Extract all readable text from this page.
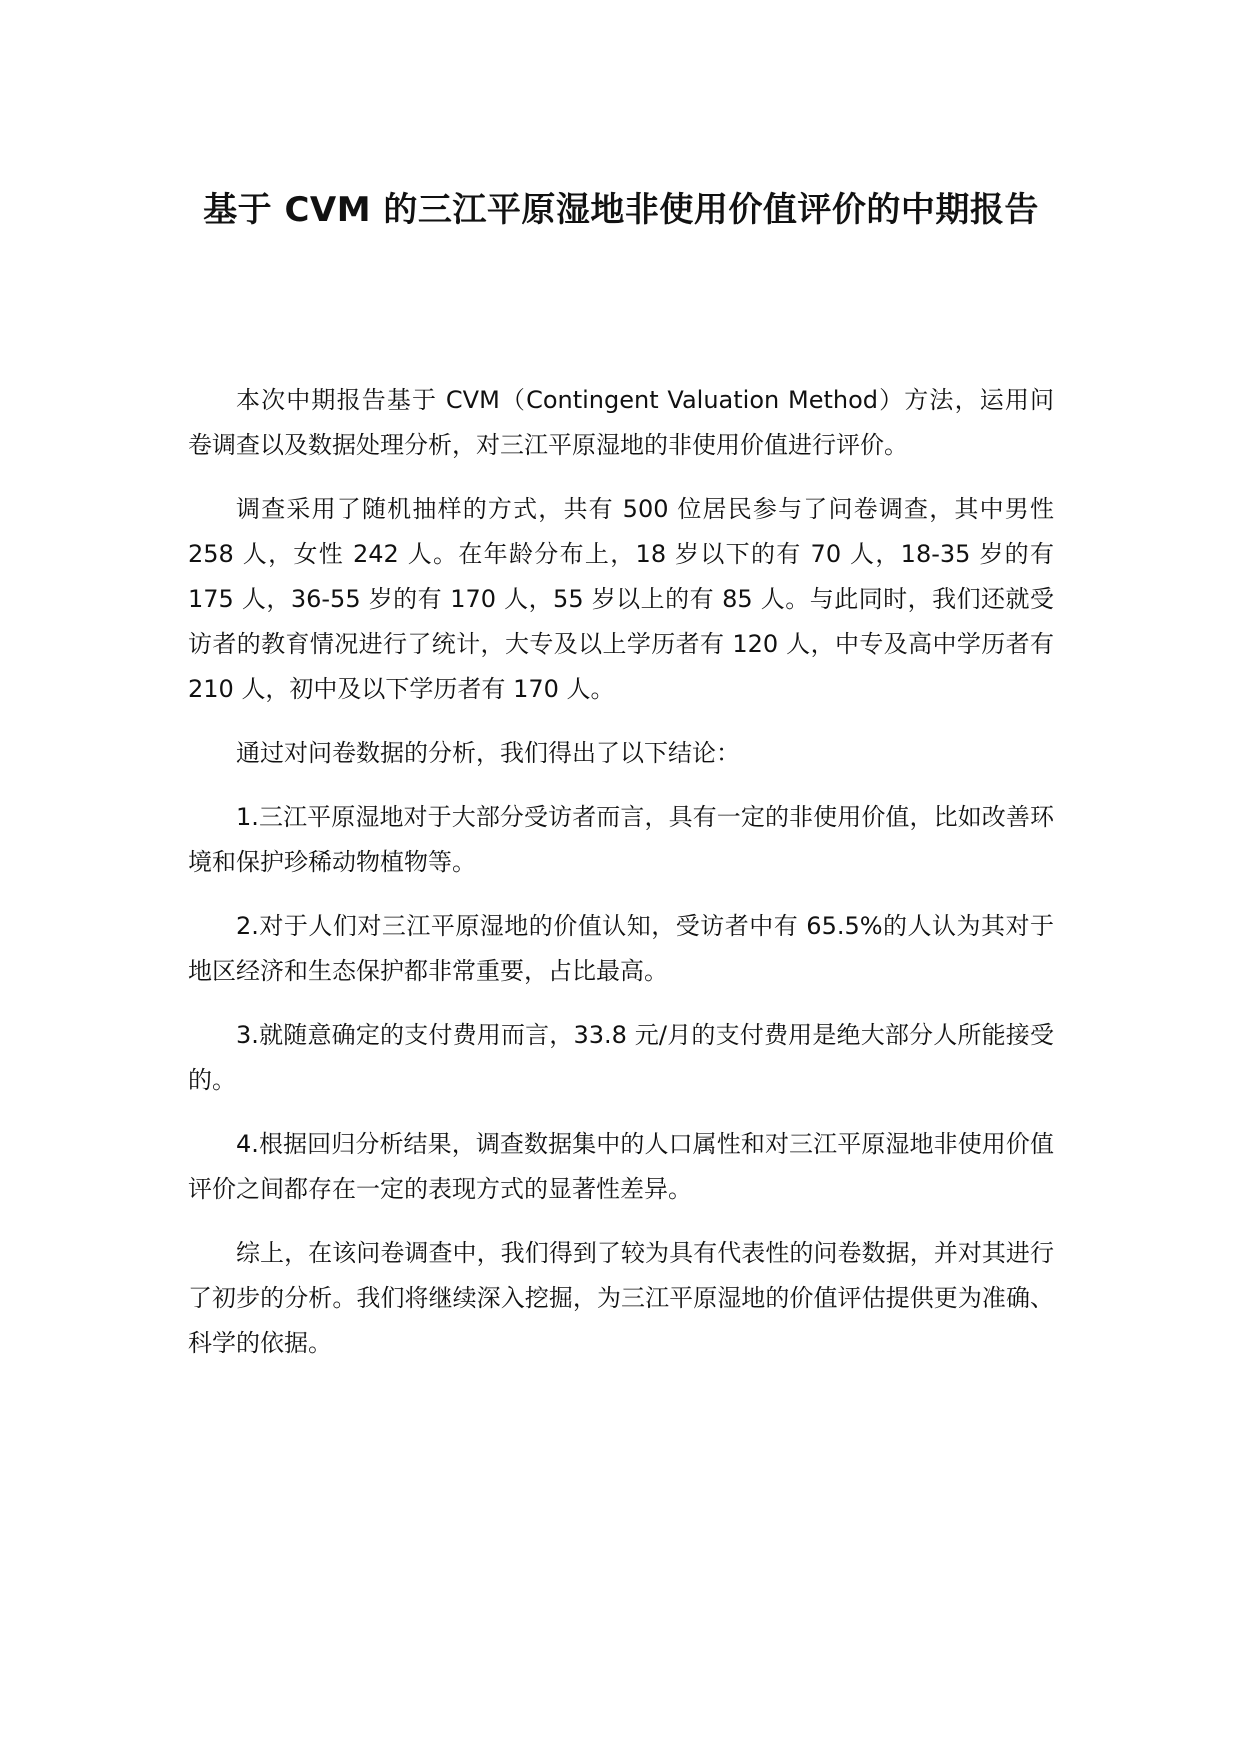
基于 CVM 的三江平原湿地非使用价值评价的中期报告

本次中期报告基于 CVM（Contingent Valuation Method）方法，运用问卷调查以及数据处理分析，对三江平原湿地的非使用价值进行评价。

调查采用了随机抽样的方式，共有 500 位居民参与了问卷调查，其中男性 258 人，女性 242 人。在年龄分布上，18 岁以下的有 70 人，18-35 岁的有 175 人，36-55 岁的有 170 人，55 岁以上的有 85 人。与此同时，我们还就受访者的教育情况进行了统计，大专及以上学历者有 120 人，中专及高中学历者有 210 人，初中及以下学历者有 170 人。

通过对问卷数据的分析，我们得出了以下结论：

1.三江平原湿地对于大部分受访者而言，具有一定的非使用价值，比如改善环境和保护珍稀动物植物等。

2.对于人们对三江平原湿地的价值认知，受访者中有 65.5%的人认为其对于地区经济和生态保护都非常重要，占比最高。

3.就随意确定的支付费用而言，33.8 元/月的支付费用是绝大部分人所能接受的。

4.根据回归分析结果，调查数据集中的人口属性和对三江平原湿地非使用价值评价之间都存在一定的表现方式的显著性差异。

综上，在该问卷调查中，我们得到了较为具有代表性的问卷数据，并对其进行了初步的分析。我们将继续深入挖掘，为三江平原湿地的价值评估提供更为准确、科学的依据。
